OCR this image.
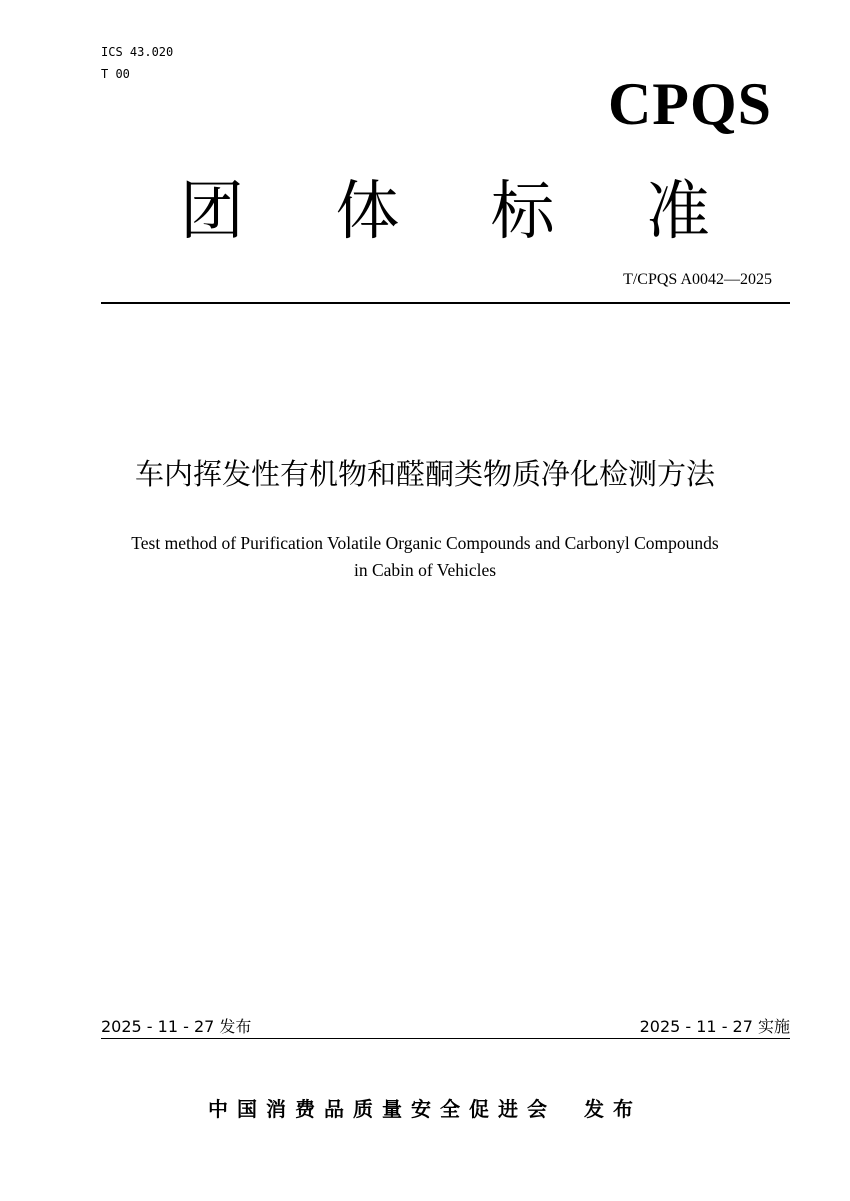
ICS 43.020
T 00	CPQS
团 体 标 准
T/CPQS A0042—2025
车内挥发性有机物和醛酮类物质净化检测方法
Test method of Purification Volatile Organic Compounds and Carbonyl Compounds
in Cabin of Vehicles
2025 - 11 - 27 发布	2025 - 11 - 27 实施
中国消费品质量安全促进会 发布
